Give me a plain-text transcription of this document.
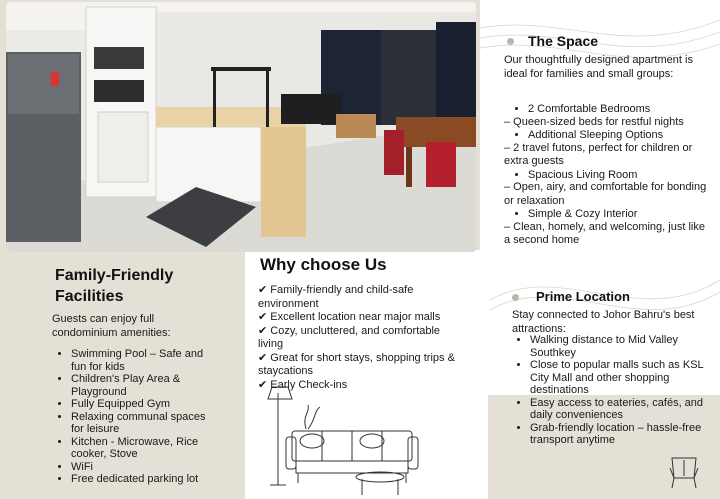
The Space
Our thoughtfully designed apartment is ideal for families and small groups:
• 2 Comfortable Bedrooms
– Queen-sized beds for restful nights
• Additional Sleeping Options
– 2 travel futons, perfect for children or extra guests
• Spacious Living Room
– Open, airy, and comfortable for bonding or relaxation
• Simple & Cozy Interior
– Clean, homely, and welcoming, just like a second home
Prime Location
Stay connected to Johor Bahru's best attractions:
• Walking distance to Mid Valley Southkey
• Close to popular malls such as KSL City Mall and other shopping destinations
• Easy access to eateries, cafés, and daily conveniences
• Grab-friendly location – hassle-free transport anytime
Why choose Us
✔ Family-friendly and child-safe environment
✔ Excellent location near major malls
✔ Cozy, uncluttered, and comfortable living
✔ Great for short stays, shopping trips & staycations
✔ Early Check-ins
Family-Friendly
Facilities
Guests can enjoy full condominium amenities:
• Swimming Pool – Safe and fun for kids
• Children's Play Area & Playground
• Fully Equipped Gym
• Relaxing communal spaces for leisure
• Kitchen - Microwave, Rice cooker, Stove
• WiFi
• Free dedicated parking lot
